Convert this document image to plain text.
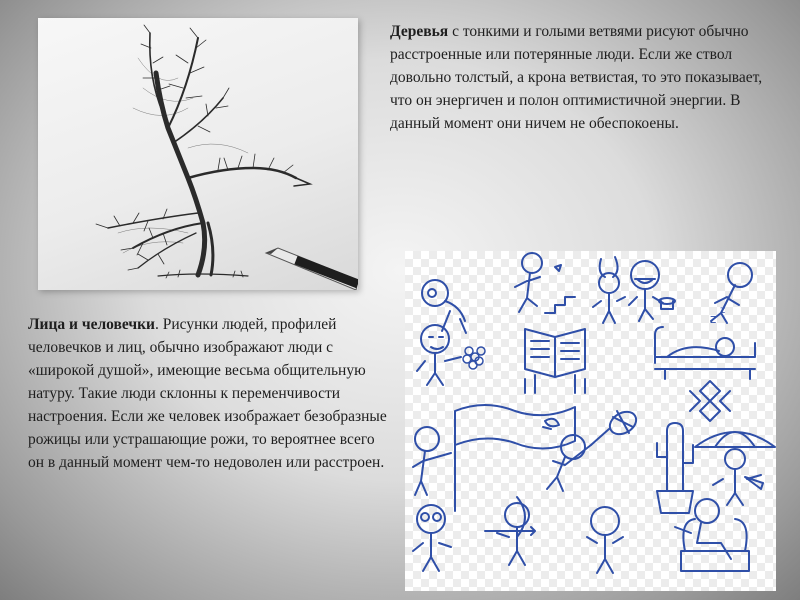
Деревья с тонкими и голыми ветвями рисуют обычно расстроенные или потерянные люди. Если же ствол довольно толстый, а крона ветвистая, то это показывает, что он энергичен и полон оптимистичной энергии. В данный момент они ничем не обеспокоены.

Лица и человечки. Рисунки людей, профилей человечков и лиц, обычно изображают люди с «широкой душой», имеющие весьма общительную натуру. Такие люди склонны к переменчивости настроения. Если же человек изображает безобразные рожицы или устрашающие рожи, то вероятнее всего он в данный момент чем-то недоволен или расстроен.

z
z
